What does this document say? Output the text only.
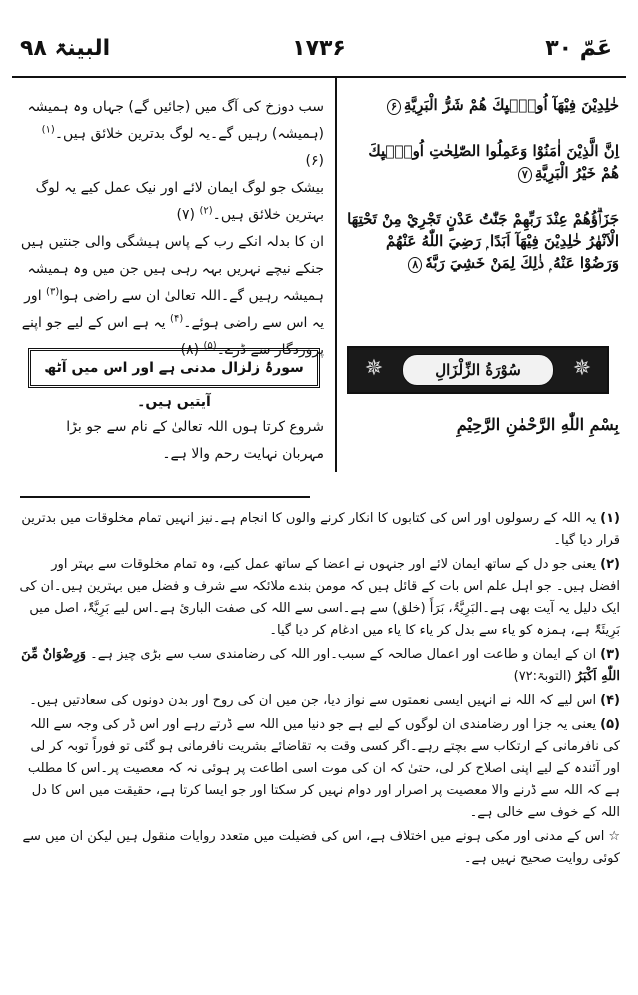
عَمّ ۳۰
۱۷۳۶
البینۃ ۹۸

خٰلِدِيْنَ فِيْهَآ اُولٰۗىِٕكَ هُمْ شَرُّ الْبَرِيَّةِ۶

اِنَّ الَّذِيْنَ اٰمَنُوْا وَعَمِلُوا الصّٰلِحٰتِ اُولٰۗىِٕكَ هُمْ خَيْرُ الْبَرِيَّةِ۷

جَزَاۗؤُهُمْ عِنْدَ رَبِّهِمْ جَنّٰتُ عَدْنٍ تَجْرِيْ مِنْ تَحْتِهَا الْاَنْهٰرُ خٰلِدِيْنَ فِيْهَآ اَبَدًا ۭ رَضِيَ اللّٰهُ عَنْهُمْ وَرَضُوْا عَنْهُ ۭ ذٰلِكَ لِمَنْ خَشِيَ رَبَّهٗ۸

سب دوزخ کی آگ میں (جائیں گے) جہاں وہ ہمیشہ (ہمیشہ) رہیں گے۔یہ لوگ بدترین خلائق ہیں۔$^{(۱)}$ (۶)

بیشک جو لوگ ایمان لائے اور نیک عمل کیے یہ لوگ بہترین خلائق ہیں۔$^{(۲)}$ (۷)

ان کا بدلہ انکے رب کے پاس ہیشگی والی جنتیں ہیں جنکے نیچے نہریں بہہ رہی ہیں جن میں وہ ہمیشہ ہمیشہ رہیں گے۔اللہ تعالیٰ ان سے راضی ہوا$^{(۳)}$ اور یہ اس سے راضی ہوئے۔$^{(۴)}$ یہ ہے اس کے لیے جو اپنے پروردگار سے ڈرے۔$^{(۵)}$ (۸)

✵	سُوْرَةُ الزِّلْزَالِ	✵
بِسْمِ اللّٰهِ الرَّحْمٰنِ الرَّحِيْمِ
سورۂ زلزال مدنی ہے اور اس میں آٹھ آیتیں ہیں۔
شروع کرتا ہوں اللہ تعالیٰ کے نام سے جو بڑا مہربان نہایت رحم والا ہے۔

(۱)یہ اللہ کے رسولوں اور اس کی کتابوں کا انکار کرنے والوں کا انجام ہے۔نیز انہیں تمام مخلوقات میں بدترین قرار دیا گیا۔

(۲)یعنی جو دل کے ساتھ ایمان لائے اور جنہوں نے اعضا کے ساتھ عمل کیے، وہ تمام مخلوقات سے بہتر اور افضل ہیں۔ جو اہل علم اس بات کے قائل ہیں کہ مومن بندے ملائکہ سے شرف و فضل میں بہترین ہیں۔ان کی ایک دلیل یہ آیت بھی ہے۔البَرِیَّۃُ، بَرَأَ (خلق) سے ہے۔اسی سے اللہ کی صفت البارئ ہے۔اس لیے بَرِیَّۃٌ، اصل میں بَرِیئَۃٌ ہے، ہمزہ کو یاء سے بدل کر یاء کا یاء میں ادغام کر دیا گیا۔

(۳)ان کے ایمان و طاعت اور اعمال صالحہ کے سبب۔اور اللہ کی رضامندی سب سے بڑی چیز ہے۔ وَرِضْوَانٌ مِّنَ اللّٰهِ اَكْبَرُ (التوبۃ:۷۲)

(۴)اس لیے کہ اللہ نے انہیں ایسی نعمتوں سے نواز دیا، جن میں ان کی روح اور بدن دونوں کی سعادتیں ہیں۔

(۵)یعنی یہ جزا اور رضامندی ان لوگوں کے لیے ہے جو دنیا میں اللہ سے ڈرتے رہے اور اس ڈر کی وجہ سے اللہ کی نافرمانی کے ارتکاب سے بچتے رہے۔اگر کسی وقت بہ تقاضائے بشریت نافرمانی ہو گئی تو فوراً توبہ کر لی اور آئندہ کے لیے اپنی اصلاح کر لی، حتیٰ کہ ان کی موت اسی اطاعت پر ہوئی نہ کہ معصیت پر۔اس کا مطلب ہے کہ اللہ سے ڈرنے والا معصیت پر اصرار اور دوام نہیں کر سکتا اور جو ایسا کرتا ہے، حقیقت میں اس کا دل اللہ کے خوف سے خالی ہے۔

☆اس کے مدنی اور مکی ہونے میں اختلاف ہے، اس کی فضیلت میں متعدد روایات منقول ہیں لیکن ان میں سے کوئی روایت صحیح نہیں ہے۔
